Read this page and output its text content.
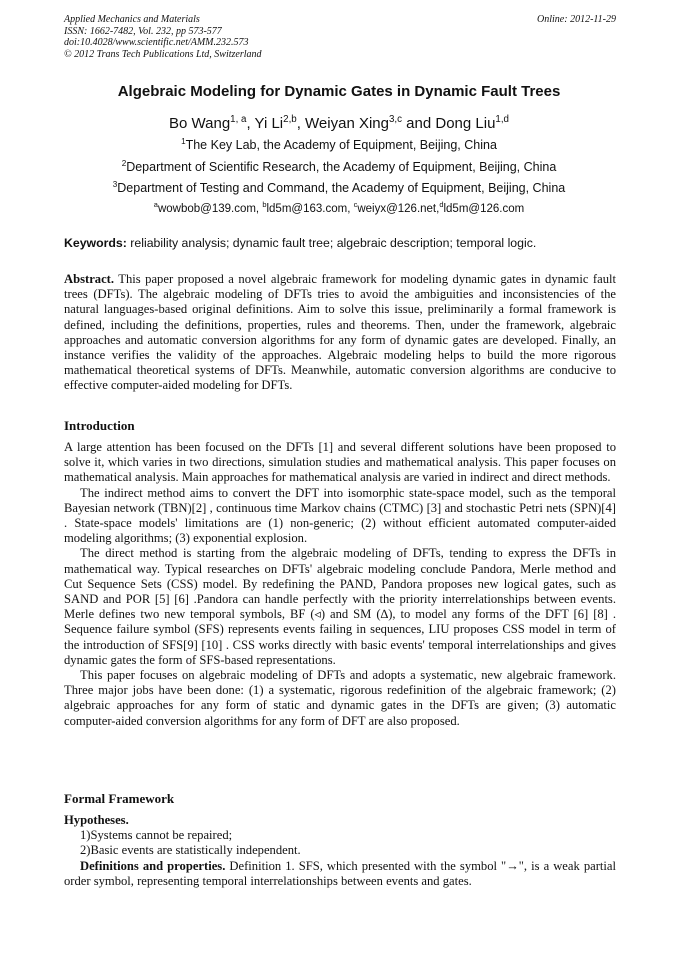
Applied Mechanics and Materials
ISSN: 1662-7482, Vol. 232, pp 573-577
doi:10.4028/www.scientific.net/AMM.232.573
© 2012 Trans Tech Publications Ltd, Switzerland
Online: 2012-11-29
Algebraic Modeling for Dynamic Gates in Dynamic Fault Trees
Bo Wang$^{1, a}$, Yi Li$^{2,b}$, Weiyan Xing$^{3,c}$ and Dong Liu$^{1,d}$
$^1$The Key Lab, the Academy of Equipment, Beijing, China
$^2$Department of Scientific Research, the Academy of Equipment, Beijing, China
$^3$Department of Testing and Command, the Academy of Equipment, Beijing, China
$^a$wowbob@139.com, $^b$ld5m@163.com, $^c$weiyx@126.net,$^d$ld5m@126.com
Keywords: reliability analysis; dynamic fault tree; algebraic description; temporal logic.
Abstract. This paper proposed a novel algebraic framework for modeling dynamic gates in dynamic fault trees (DFTs). The algebraic modeling of DFTs tries to avoid the ambiguities and inconsistencies of the natural languages-based original definitions. Aim to solve this issue, preliminarily a formal framework is defined, including the definitions, properties, rules and theorems. Then, under the framework, algebraic approaches and automatic conversion algorithms for any form of dynamic gates are developed. Finally, an instance verifies the validity of the approaches. Algebraic modeling helps to build the more rigorous mathematical theoretical systems of DFTs. Meanwhile, automatic conversion algorithms are conducive to effective computer-aided modeling for DFTs.
Introduction

A large attention has been focused on the DFTs [1] and several different solutions have been proposed to solve it, which varies in two directions, simulation studies and mathematical analysis. This paper focuses on mathematical analysis. Main approaches for mathematical analysis are varied in indirect and direct methods.

The indirect method aims to convert the DFT into isomorphic state-space model, such as the temporal Bayesian network (TBN)[2] , continuous time Markov chains (CTMC) [3] and stochastic Petri nets (SPN)[4] . State-space models' limitations are (1) non-generic; (2) without efficient automated computer-aided modeling algorithms; (3) exponential explosion.

The direct method is starting from the algebraic modeling of DFTs, tending to express the DFTs in mathematical way. Typical researches on DFTs' algebraic modeling conclude Pandora, Merle method and Cut Sequence Sets (CSS) model. By redefining the PAND, Pandora proposes new logical gates, such as SAND and POR [5] [6] .Pandora can handle perfectly with the priority interrelationships between events. Merle defines two new temporal symbols, BF (◃) and SM (∆), to model any forms of the DFT [6] [8] . Sequence failure symbol (SFS) represents events failing in sequences, LIU proposes CSS model in term of the introduction of SFS[9] [10] . CSS works directly with basic events' temporal interrelationships and gives dynamic gates the form of SFS-based representations.

This paper focuses on algebraic modeling of DFTs and adopts a systematic, new algebraic framework. Three major jobs have been done: (1) a systematic, rigorous redefinition of the algebraic framework; (2) algebraic approaches for any form of static and dynamic gates in the DFTs are given; (3) automatic computer-aided conversion algorithms for any form of DFT are also proposed.

Formal Framework

Hypotheses.

1)Systems cannot be repaired;

2)Basic events are statistically independent.

Definitions and properties. Definition 1. SFS, which presented with the symbol "→", is a weak partial order symbol, representing temporal interrelationships between events and gates.
